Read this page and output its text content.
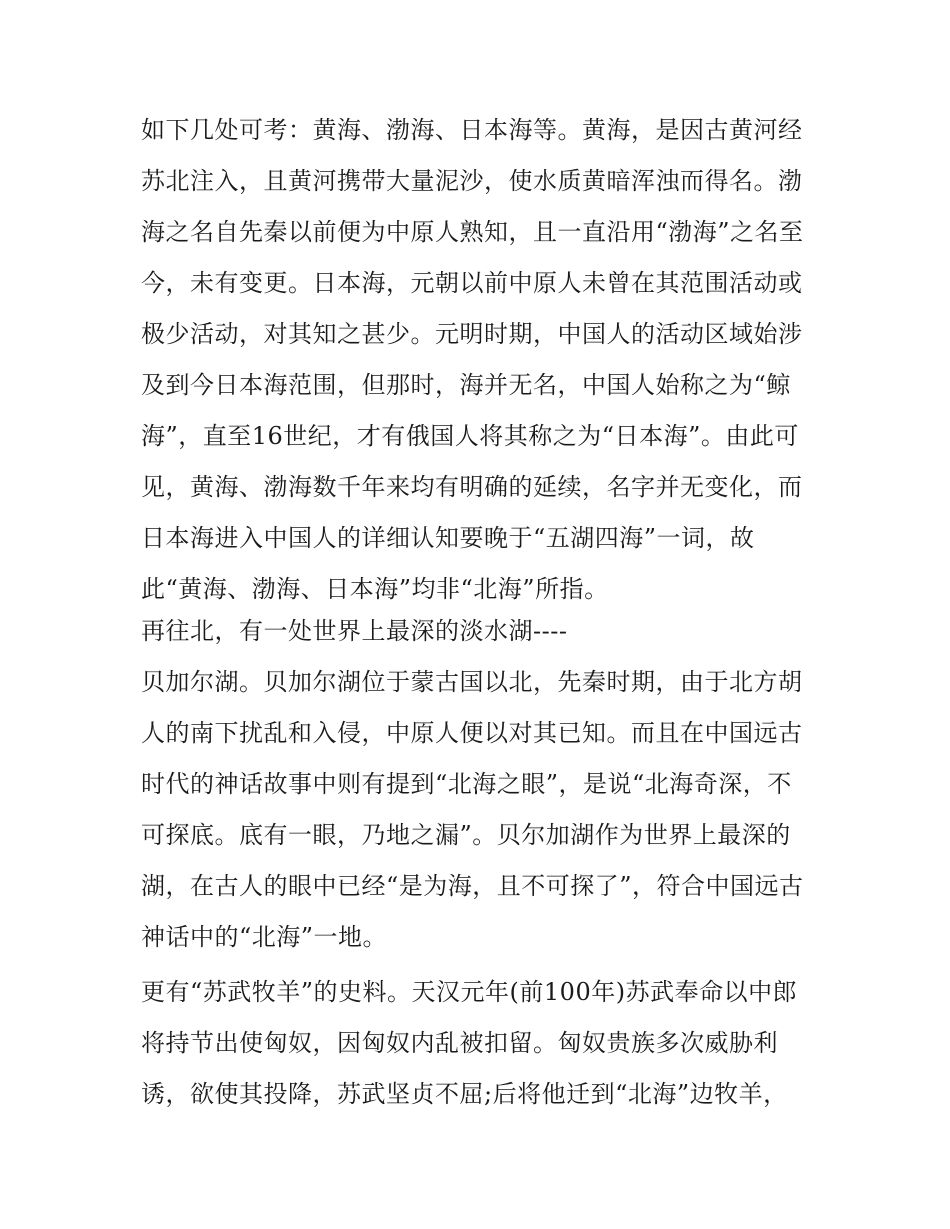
如下几处可考：黄海、渤海、日本海等。黄海，是因古黄河经
苏北注入，且黄河携带大量泥沙，使水质黄暗浑浊而得名。渤
海之名自先秦以前便为中原人熟知，且一直沿用“渤海”之名至
今，未有变更。日本海，元朝以前中原人未曾在其范围活动或
极少活动，对其知之甚少。元明时期，中国人的活动区域始涉
及到今日本海范围，但那时，海并无名，中国人始称之为“鲸
海”，直至16世纪，才有俄国人将其称之为“日本海”。由此可
见，黄海、渤海数千年来均有明确的延续，名字并无变化，而
日本海进入中国人的详细认知要晚于“五湖四海”一词，故
此“黄海、渤海、日本海”均非“北海”所指。
再往北，有一处世界上最深的淡水湖----
贝加尔湖。贝加尔湖位于蒙古国以北，先秦时期，由于北方胡
人的南下扰乱和入侵，中原人便以对其已知。而且在中国远古
时代的神话故事中则有提到“北海之眼”，是说“北海奇深，不
可探底。底有一眼，乃地之漏”。贝尔加湖作为世界上最深的
湖，在古人的眼中已经“是为海，且不可探了”，符合中国远古
神话中的“北海”一地。
更有“苏武牧羊”的史料。天汉元年(前100年)苏武奉命以中郎
将持节出使匈奴，因匈奴内乱被扣留。匈奴贵族多次威胁利
诱，欲使其投降，苏武坚贞不屈;后将他迁到“北海”边牧羊，
